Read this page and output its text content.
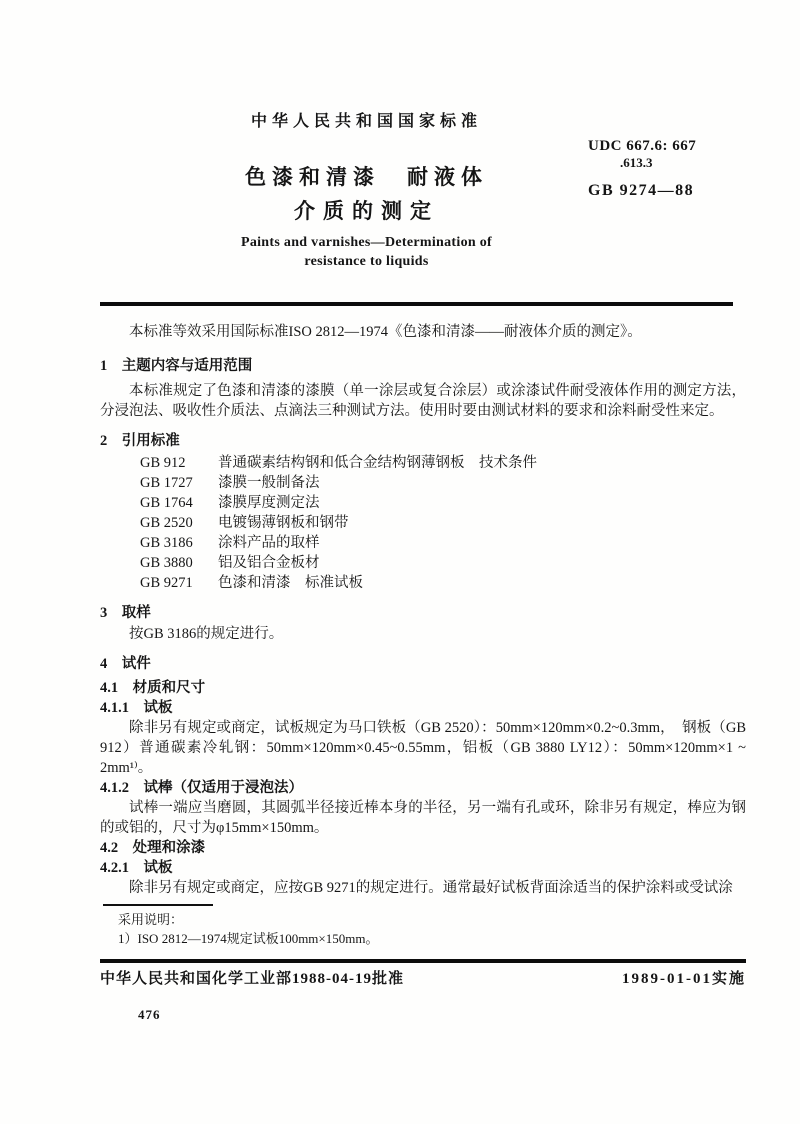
中华人民共和国国家标准
色漆和清漆　耐液体
介质的测定
Paints and varnishes—Determination of
resistance to liquids
UDC 667.6: 667
.613.3
GB 9274—88

本标准等效采用国际标准ISO 2812—1974《色漆和清漆——耐液体介质的测定》。

1　主题内容与适用范围

本标准规定了色漆和清漆的漆膜（单一涂层或复合涂层）或涂漆试件耐受液体作用的测定方法，分浸泡法、吸收性介质法、点滴法三种测试方法。使用时要由测试材料的要求和涂料耐受性来定。

2　引用标准
GB 912	普通碳素结构钢和低合金结构钢薄钢板　技术条件
GB 1727	漆膜一般制备法
GB 1764	漆膜厚度测定法
GB 2520	电镀锡薄钢板和钢带
GB 3186	涂料产品的取样
GB 3880	铝及铝合金板材
GB 9271	色漆和清漆　标准试板
3　取样

按GB 3186的规定进行。

4　试件
4.1　材质和尺寸
4.1.1　试板

除非另有规定或商定，试板规定为马口铁板（GB 2520）：50mm×120mm×0.2~0.3mm，　钢板（GB 912）普通碳素冷轧钢：50mm×120mm×0.45~0.55mm，铝板（GB 3880 LY12）：50mm×120mm×1 ~ 2mm¹⁾。

4.1.2　试棒（仅适用于浸泡法）

试棒一端应当磨圆，其圆弧半径接近棒本身的半径，另一端有孔或环，除非另有规定，棒应为钢的或铝的，尺寸为φ15mm×150mm。

4.2　处理和涂漆
4.2.1　试板

除非另有规定或商定，应按GB 9271的规定进行。通常最好试板背面涂适当的保护涂料或受试涂

采用说明：
1）ISO 2812—1974规定试板100mm×150mm。
中华人民共和国化学工业部1988-04-19批准	1989-01-01实施
476
